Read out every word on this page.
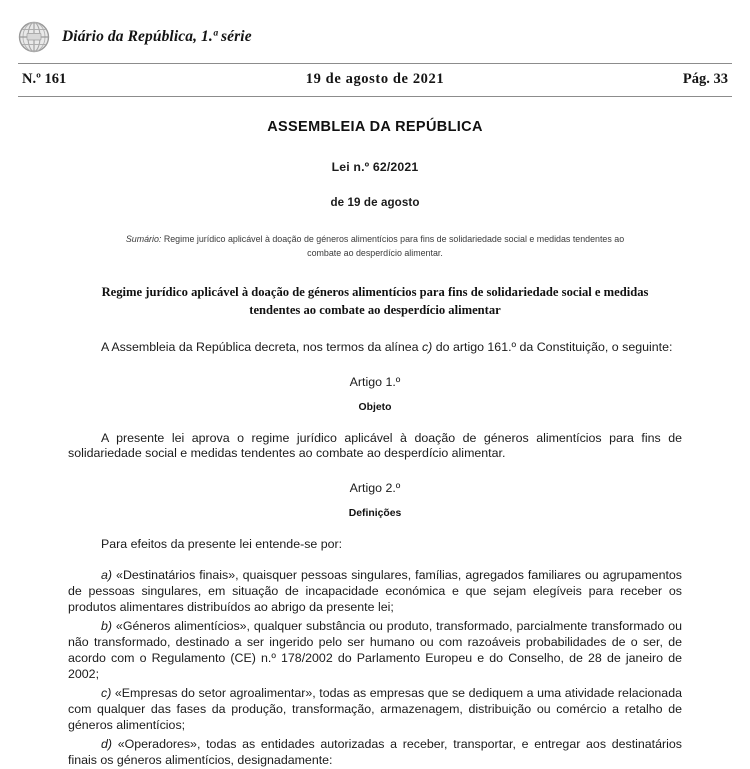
Diário da República, 1.ª série
N.º 161	19 de agosto de 2021	Pág. 33
ASSEMBLEIA DA REPÚBLICA
Lei n.º 62/2021
de 19 de agosto
Sumário: Regime jurídico aplicável à doação de géneros alimentícios para fins de solidariedade social e medidas tendentes ao combate ao desperdício alimentar.
Regime jurídico aplicável à doação de géneros alimentícios para fins de solidariedade social e medidas tendentes ao combate ao desperdício alimentar

A Assembleia da República decreta, nos termos da alínea c) do artigo 161.º da Constituição, o seguinte:

Artigo 1.º
Objeto

A presente lei aprova o regime jurídico aplicável à doação de géneros alimentícios para fins de solidariedade social e medidas tendentes ao combate ao desperdício alimentar.

Artigo 2.º
Definições

Para efeitos da presente lei entende-se por:

a) «Destinatários finais», quaisquer pessoas singulares, famílias, agregados familiares ou agrupamentos de pessoas singulares, em situação de incapacidade económica e que sejam elegíveis para receber os produtos alimentares distribuídos ao abrigo da presente lei;

b) «Géneros alimentícios», qualquer substância ou produto, transformado, parcialmente transformado ou não transformado, destinado a ser ingerido pelo ser humano ou com razoáveis probabilidades de o ser, de acordo com o Regulamento (CE) n.º 178/2002 do Parlamento Europeu e do Conselho, de 28 de janeiro de 2002;

c) «Empresas do setor agroalimentar», todas as empresas que se dediquem a uma atividade relacionada com qualquer das fases da produção, transformação, armazenagem, distribuição ou comércio a retalho de géneros alimentícios;

d) «Operadores», todas as entidades autorizadas a receber, transportar, e entregar aos destinatários finais os géneros alimentícios, designadamente:
